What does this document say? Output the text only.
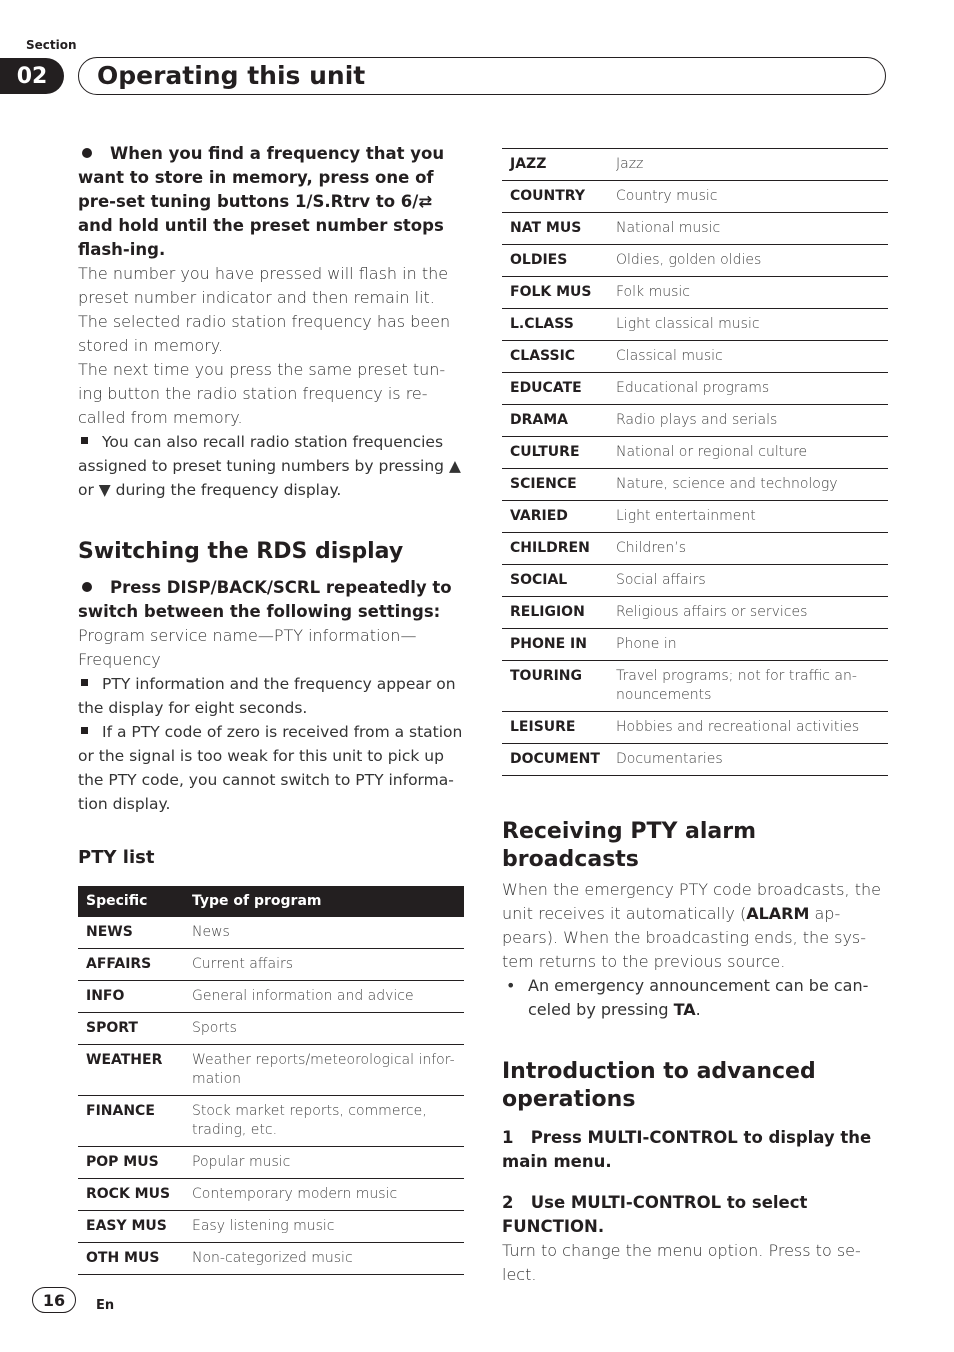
Section
02	Operating this unit

When you find a frequency that you want to store in memory, press one of pre-set tuning buttons 1/S.Rtrv to 6/⇄ and hold until the preset number stops flash-ing.

The number you have pressed will flash in the preset number indicator and then remain lit. The selected radio station frequency has been stored in memory.

The next time you press the same preset tun-ing button the radio station frequency is re-called from memory.

You can also recall radio station frequencies assigned to preset tuning numbers by pressing ▲ or ▼ during the frequency display.

Switching the RDS display

Press DISP/BACK/SCRL repeatedly to switch between the following settings:

Program service name—PTY information—Frequency

PTY information and the frequency appear on the display for eight seconds.

If a PTY code of zero is received from a station or the signal is too weak for this unit to pick up the PTY code, you cannot switch to PTY informa-tion display.

PTY list
Specific	Type of program
NEWS	News
AFFAIRS	Current affairs
INFO	General information and advice
SPORT	Sports
WEATHER	Weather reports/meteorological infor-mation
FINANCE	Stock market reports, commerce, trading, etc.
POP MUS	Popular music
ROCK MUS	Contemporary modern music
EASY MUS	Easy listening music
OTH MUS	Non-categorized music
JAZZ	Jazz
COUNTRY	Country music
NAT MUS	National music
OLDIES	Oldies, golden oldies
FOLK MUS	Folk music
L.CLASS	Light classical music
CLASSIC	Classical music
EDUCATE	Educational programs
DRAMA	Radio plays and serials
CULTURE	National or regional culture
SCIENCE	Nature, science and technology
VARIED	Light entertainment
CHILDREN	Children’s
SOCIAL	Social affairs
RELIGION	Religious affairs or services
PHONE IN	Phone in
TOURING	Travel programs; not for traffic an-nouncements
LEISURE	Hobbies and recreational activities
DOCUMENT	Documentaries
Receiving PTY alarm broadcasts

When the emergency PTY code broadcasts, the unit receives it automatically (ALARM ap-pears). When the broadcasting ends, the sys-tem returns to the previous source.

• An emergency announcement can be can-celed by pressing TA.

Introduction to advanced operations

1 Press MULTI-CONTROL to display the main menu.

2 Use MULTI-CONTROL to select FUNCTION.

Turn to change the menu option. Press to se-lect.

16	En
